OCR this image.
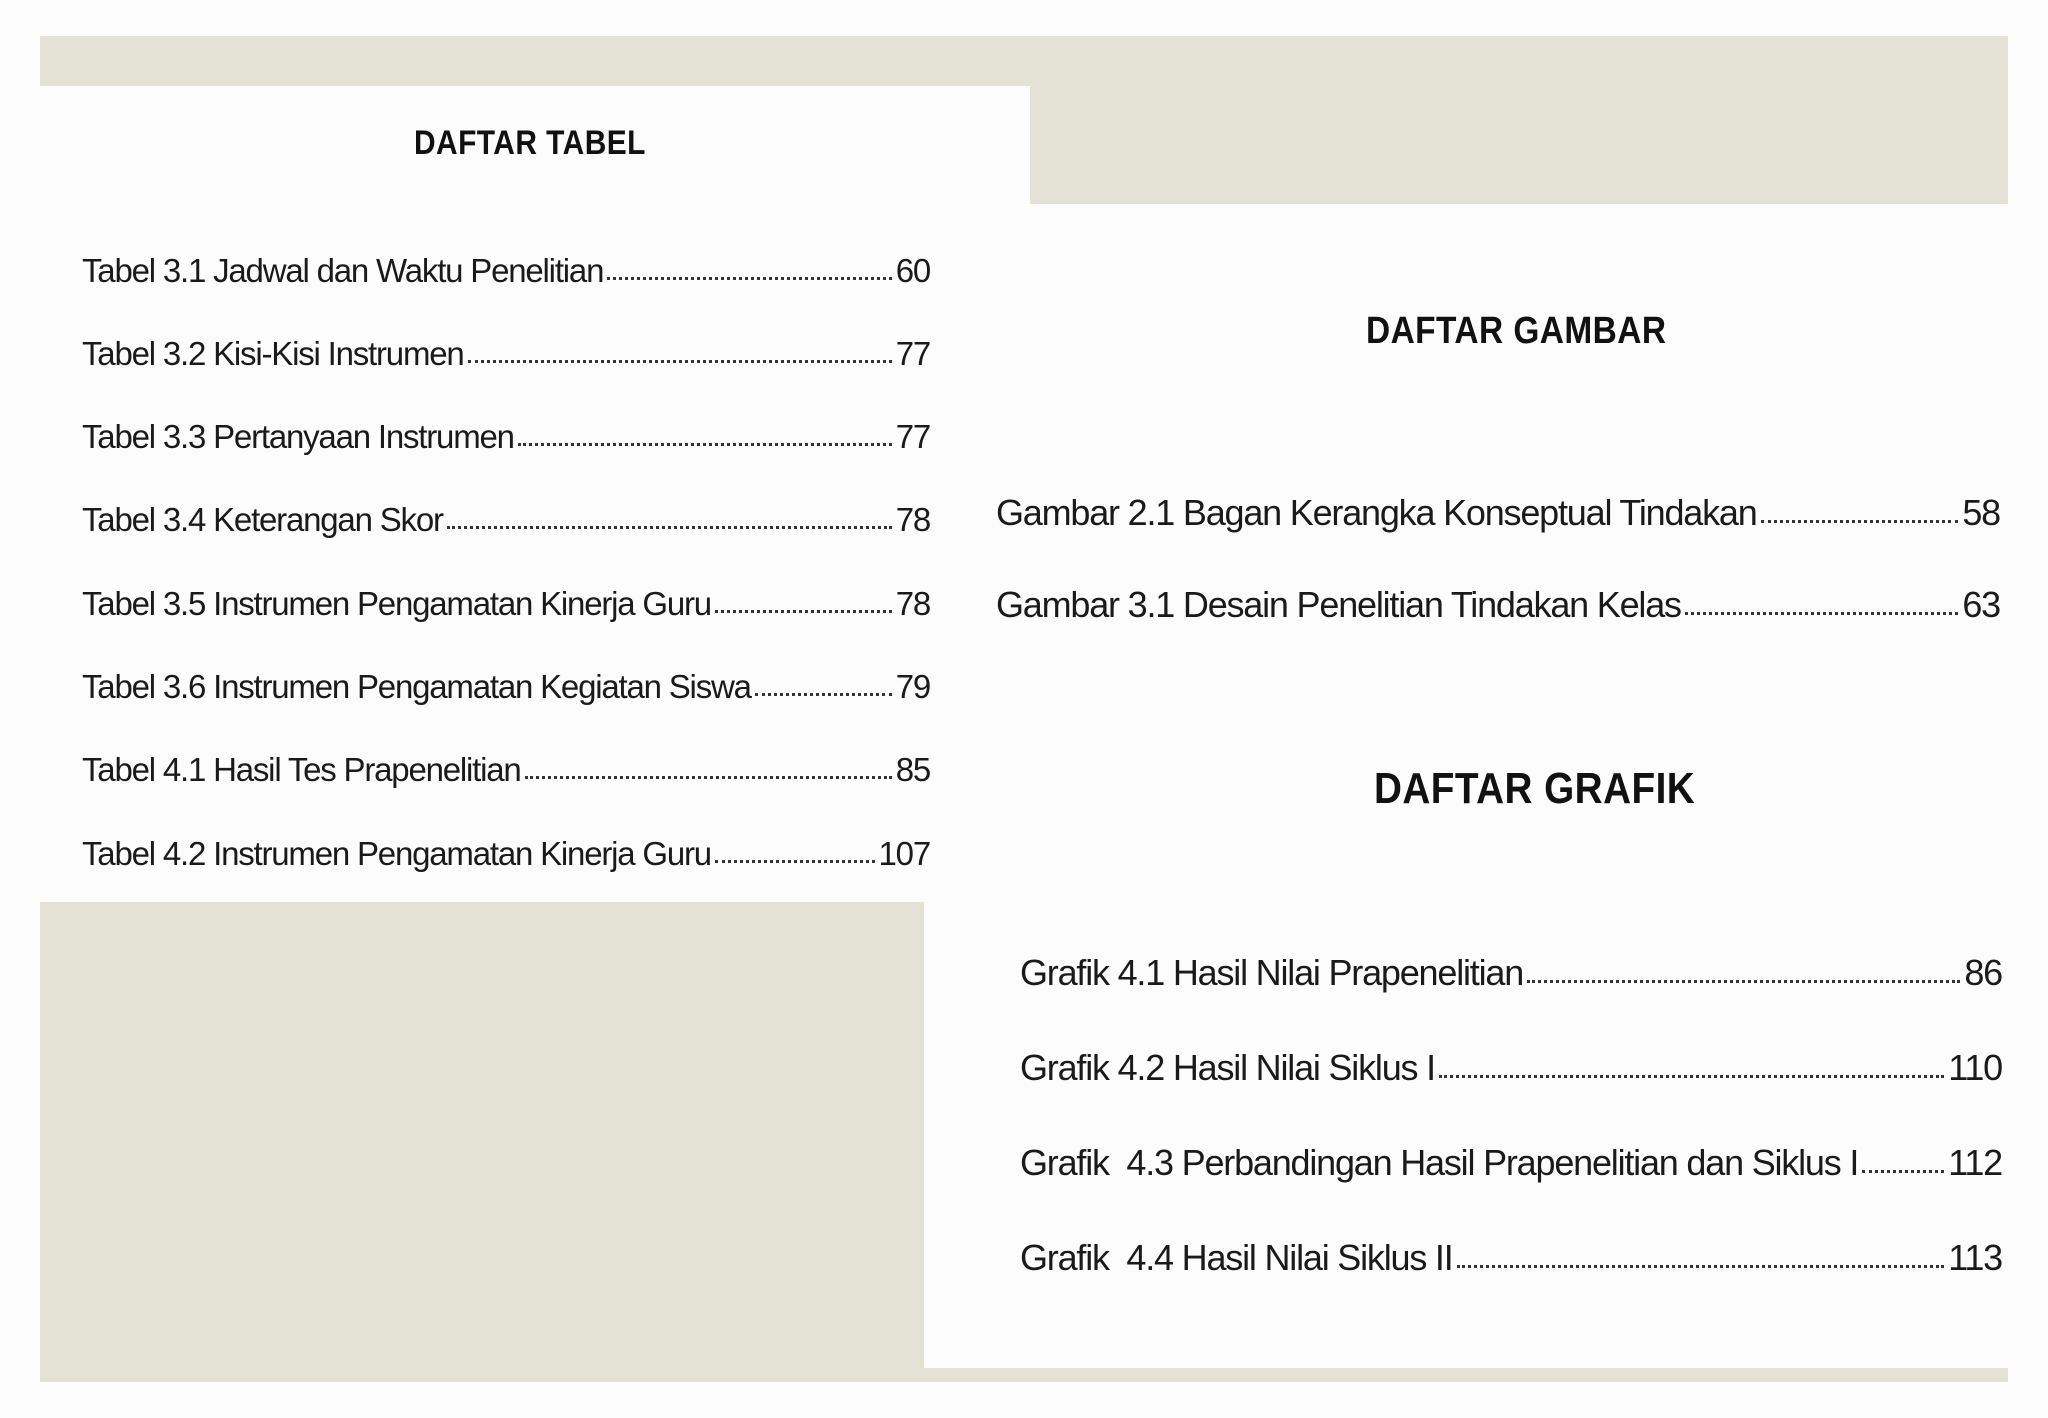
DAFTAR TABEL
Tabel 3.1 Jadwal dan Waktu Penelitian	60
Tabel 3.2 Kisi-Kisi Instrumen	77
Tabel 3.3 Pertanyaan Instrumen	77
Tabel 3.4 Keterangan Skor	78
Tabel 3.5 Instrumen Pengamatan Kinerja Guru	78
Tabel 3.6 Instrumen Pengamatan Kegiatan Siswa	79
Tabel 4.1 Hasil Tes Prapenelitian	85
Tabel 4.2 Instrumen Pengamatan Kinerja Guru	107
DAFTAR GAMBAR
Gambar 2.1 Bagan Kerangka Konseptual Tindakan	58
Gambar 3.1 Desain Penelitian Tindakan Kelas	63
DAFTAR GRAFIK
Grafik 4.1 Hasil Nilai Prapenelitian	86
Grafik 4.2 Hasil Nilai Siklus I	110
Grafik  4.3 Perbandingan Hasil Prapenelitian dan Siklus I	112
Grafik  4.4 Hasil Nilai Siklus II	113
